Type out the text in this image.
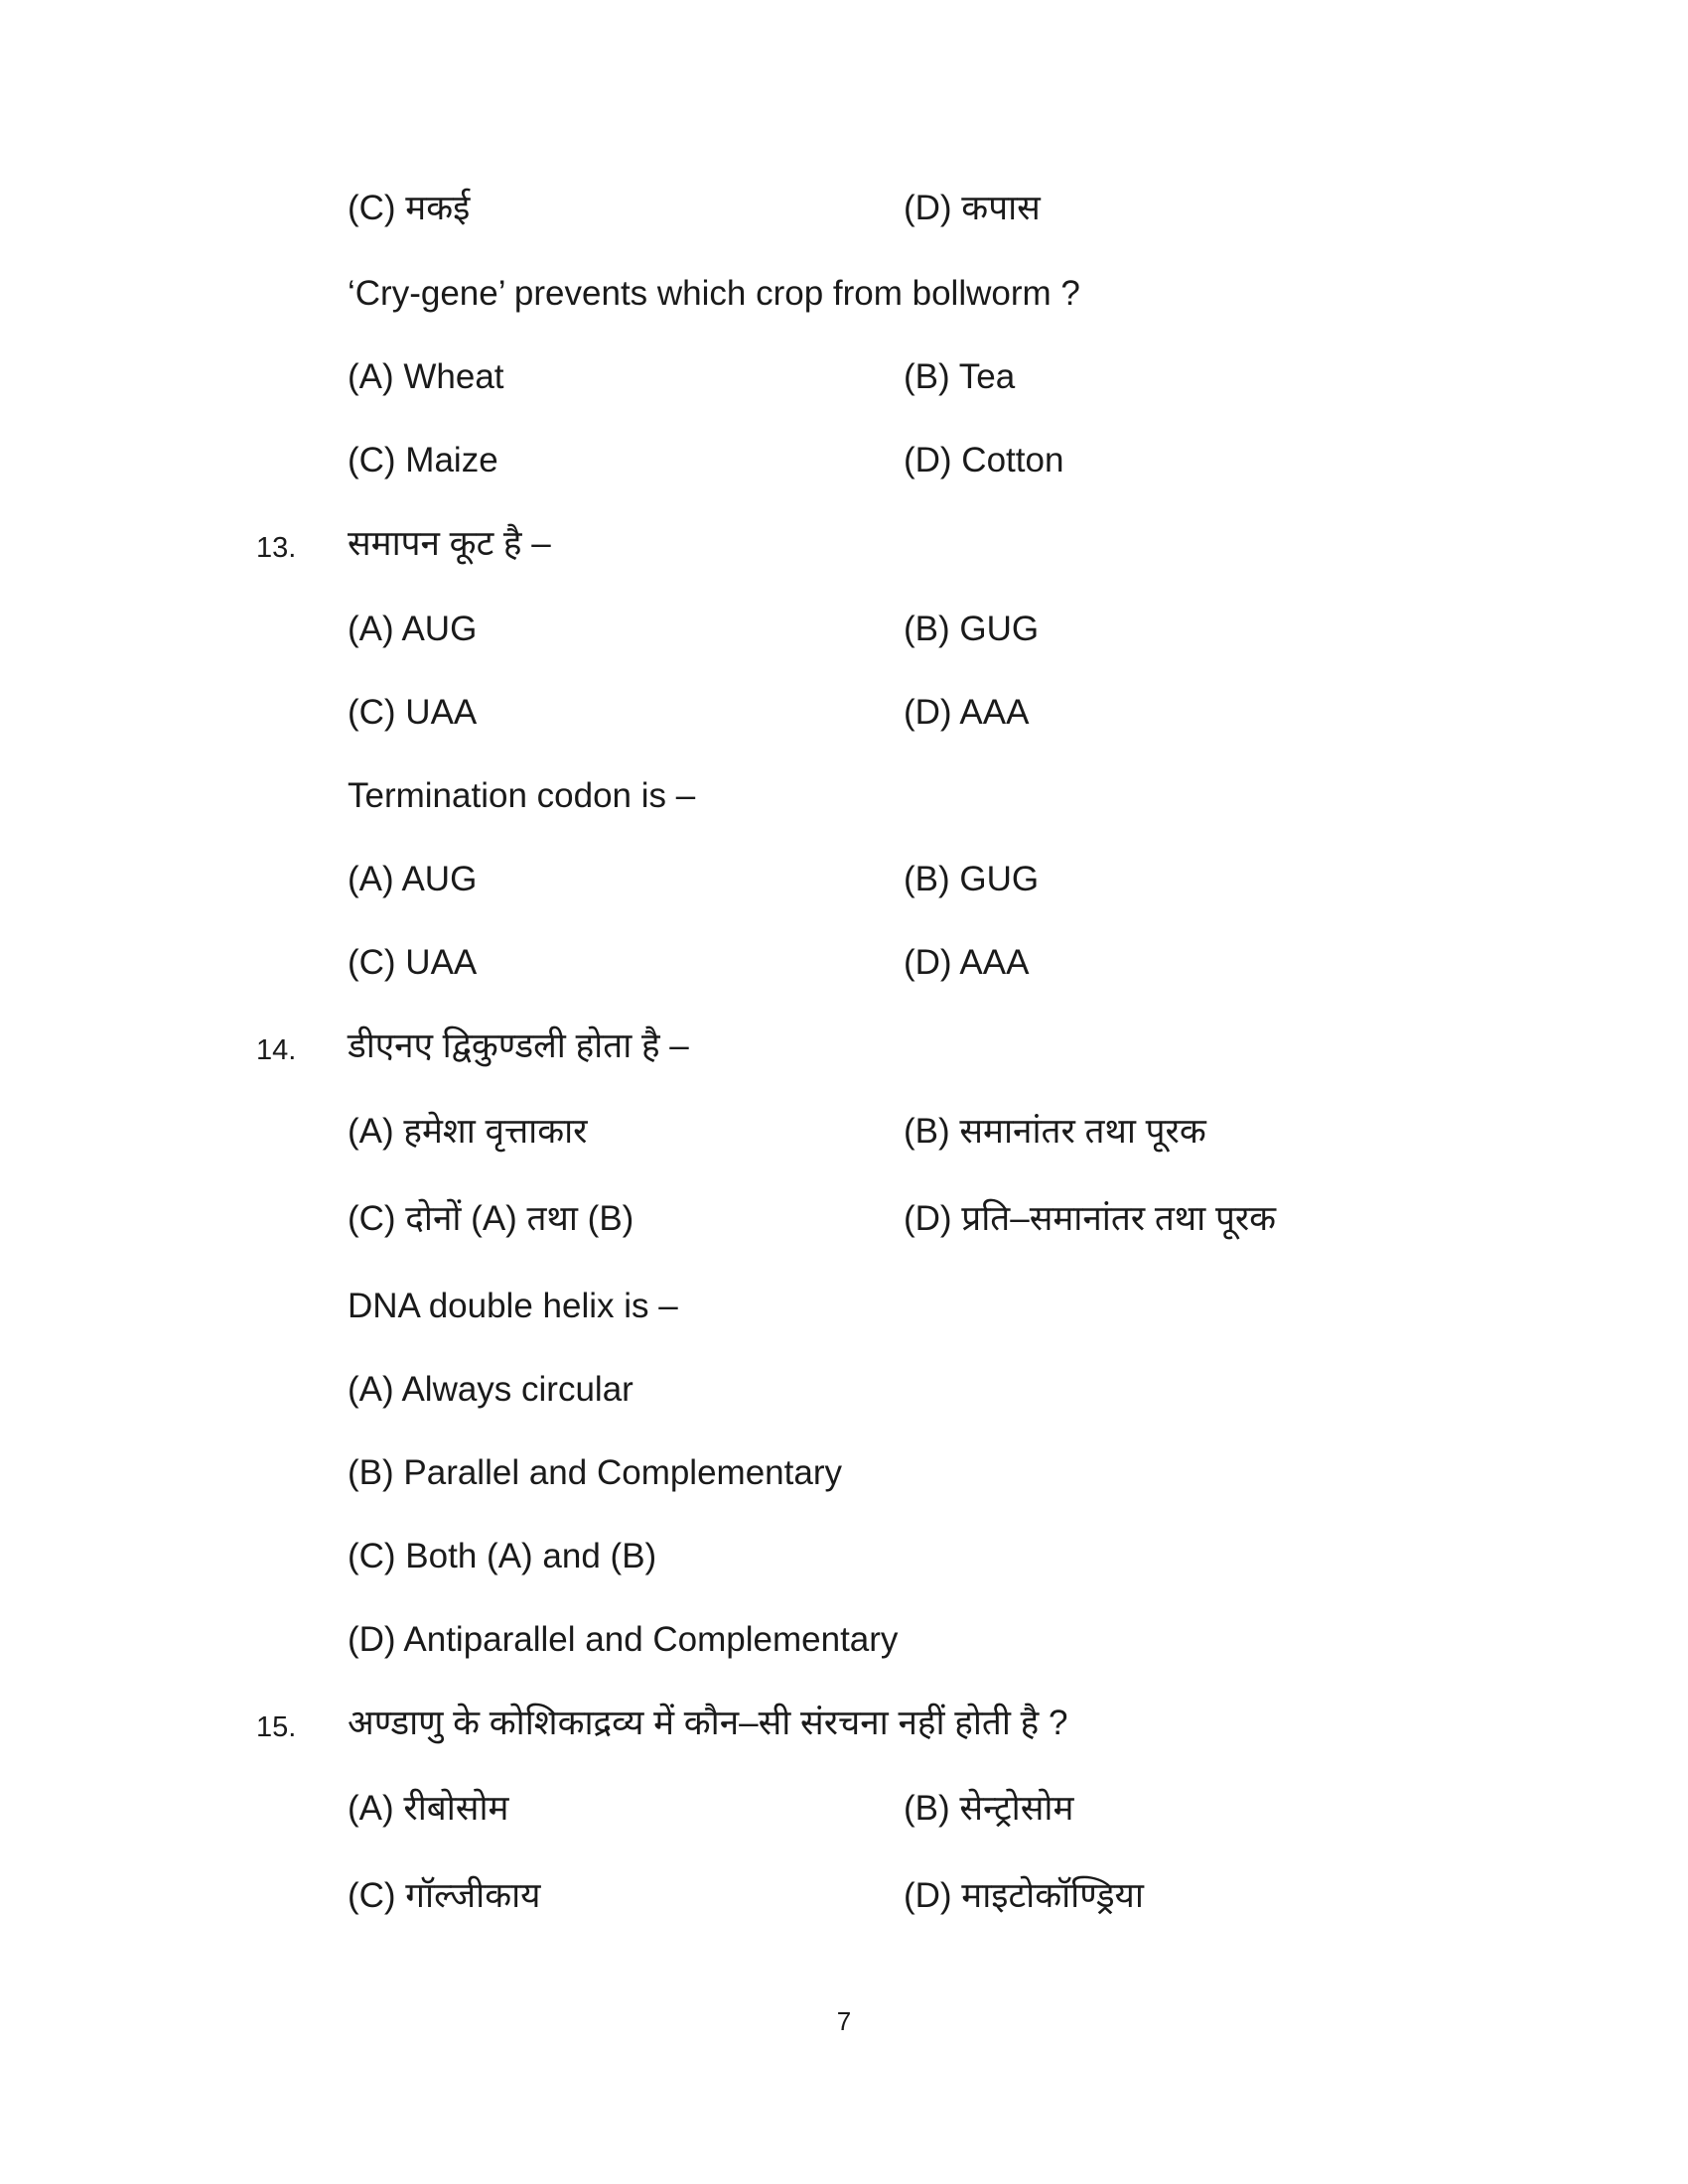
(C) मकई	(D) कपास
‘Cry-gene’ prevents which crop from bollworm ?
(A) Wheat	(B) Tea
(C) Maize	(D) Cotton
13. समापन कूट है –
(A) AUG	(B) GUG
(C) UAA	(D) AAA
Termination codon is –
(A) AUG	(B) GUG
(C) UAA	(D) AAA
14. डीएनए द्विकुण्डली होता है –
(A) हमेशा वृत्ताकार	(B) समानांतर तथा पूरक
(C) दोनों (A) तथा (B)	(D) प्रति–समानांतर तथा पूरक
DNA double helix is –
(A) Always circular
(B) Parallel and Complementary
(C) Both (A) and (B)
(D) Antiparallel and Complementary
15. अण्डाणु के कोशिकाद्रव्य में कौन–सी संरचना नहीं होती है ?
(A) रीबोसोम	(B) सेन्ट्रोसोम
(C) गॉल्जीकाय	(D) माइटोकॉण्ड्रिया
7
